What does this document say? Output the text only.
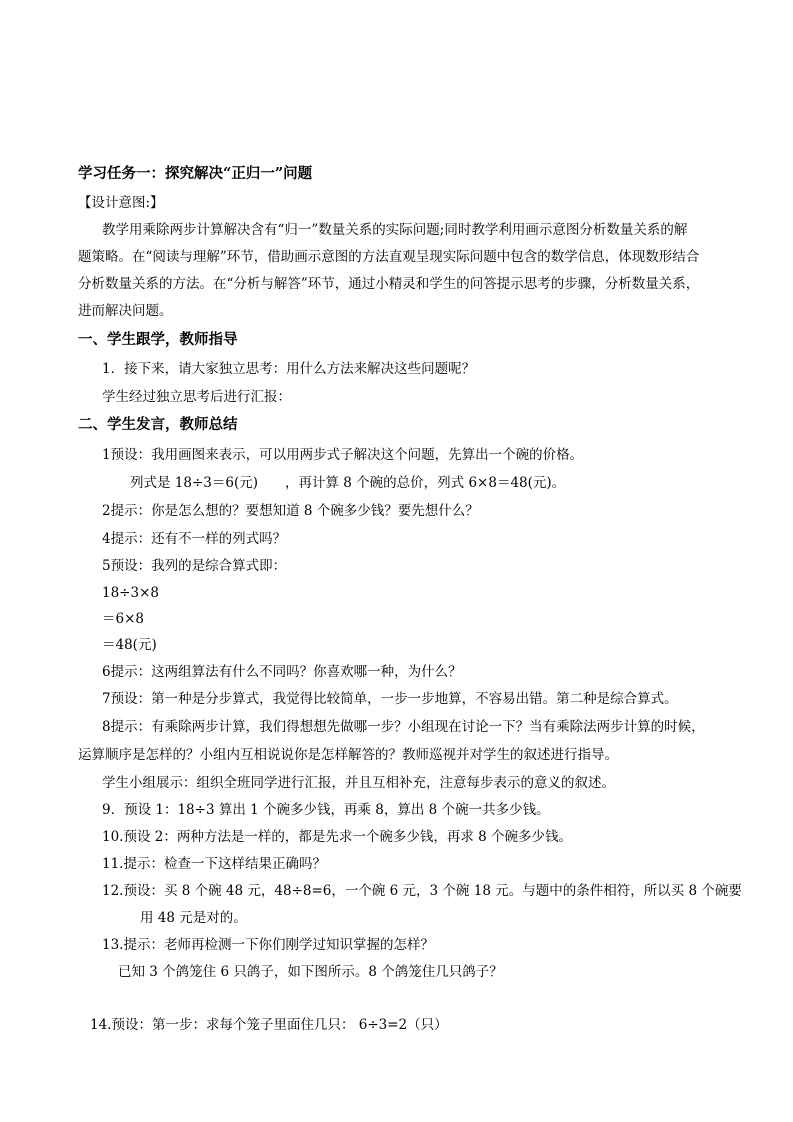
学习任务一：探究解决“正归一”问题
【设计意图:】
教学用乘除两步计算解决含有“归一”数量关系的实际问题;同时教学利用画示意图分析数量关系的解
题策略。在“阅读与理解”环节，借助画示意图的方法直观呈现实际问题中包含的数学信息，体现数形结合
分析数量关系的方法。在“分析与解答”环节，通过小精灵和学生的问答提示思考的步骤，分析数量关系，
进而解决问题。
一、学生跟学，教师指导
1．接下来，请大家独立思考：用什么方法来解决这些问题呢？
学生经过独立思考后进行汇报：
二、学生发言，教师总结
1预设：我用画图来表示，可以用两步式子解决这个问题，先算出一个碗的价格。
列式是 18÷3＝6(元)　　，再计算 8 个碗的总价，列式 6×8＝48(元)。
2提示：你是怎么想的？要想知道 8 个碗多少钱？要先想什么？
4提示：还有不一样的列式吗？
5预设：我列的是综合算式即：
18÷3×8
＝6×8
＝48(元)
6提示：这两组算法有什么不同吗？你喜欢哪一种，为什么？
7预设：第一种是分步算式，我觉得比较简单，一步一步地算，不容易出错。第二种是综合算式。
8提示：有乘除两步计算，我们得想想先做哪一步？小组现在讨论一下？当有乘除法两步计算的时候，
运算顺序是怎样的？小组内互相说说你是怎样解答的？教师巡视并对学生的叙述进行指导。
学生小组展示：组织全班同学进行汇报，并且互相补充，注意每步表示的意义的叙述。
9．预设 1：18÷3 算出 1 个碗多少钱，再乘 8，算出 8 个碗一共多少钱。
10.预设 2：两种方法是一样的，都是先求一个碗多少钱，再求 8 个碗多少钱。
11.提示：检查一下这样结果正确吗？
12.预设：买 8 个碗 48 元，48÷8=6，一个碗 6 元，3 个碗 18 元。与题中的条件相符，所以买 8 个碗要
用 48 元是对的。
13.提示：老师再检测一下你们刚学过知识掌握的怎样？
已知 3 个鸽笼住 6 只鸽子，如下图所示。8 个鸽笼住几只鸽子？
14.预设：第一步：求每个笼子里面住几只： 6÷3=2（只）
